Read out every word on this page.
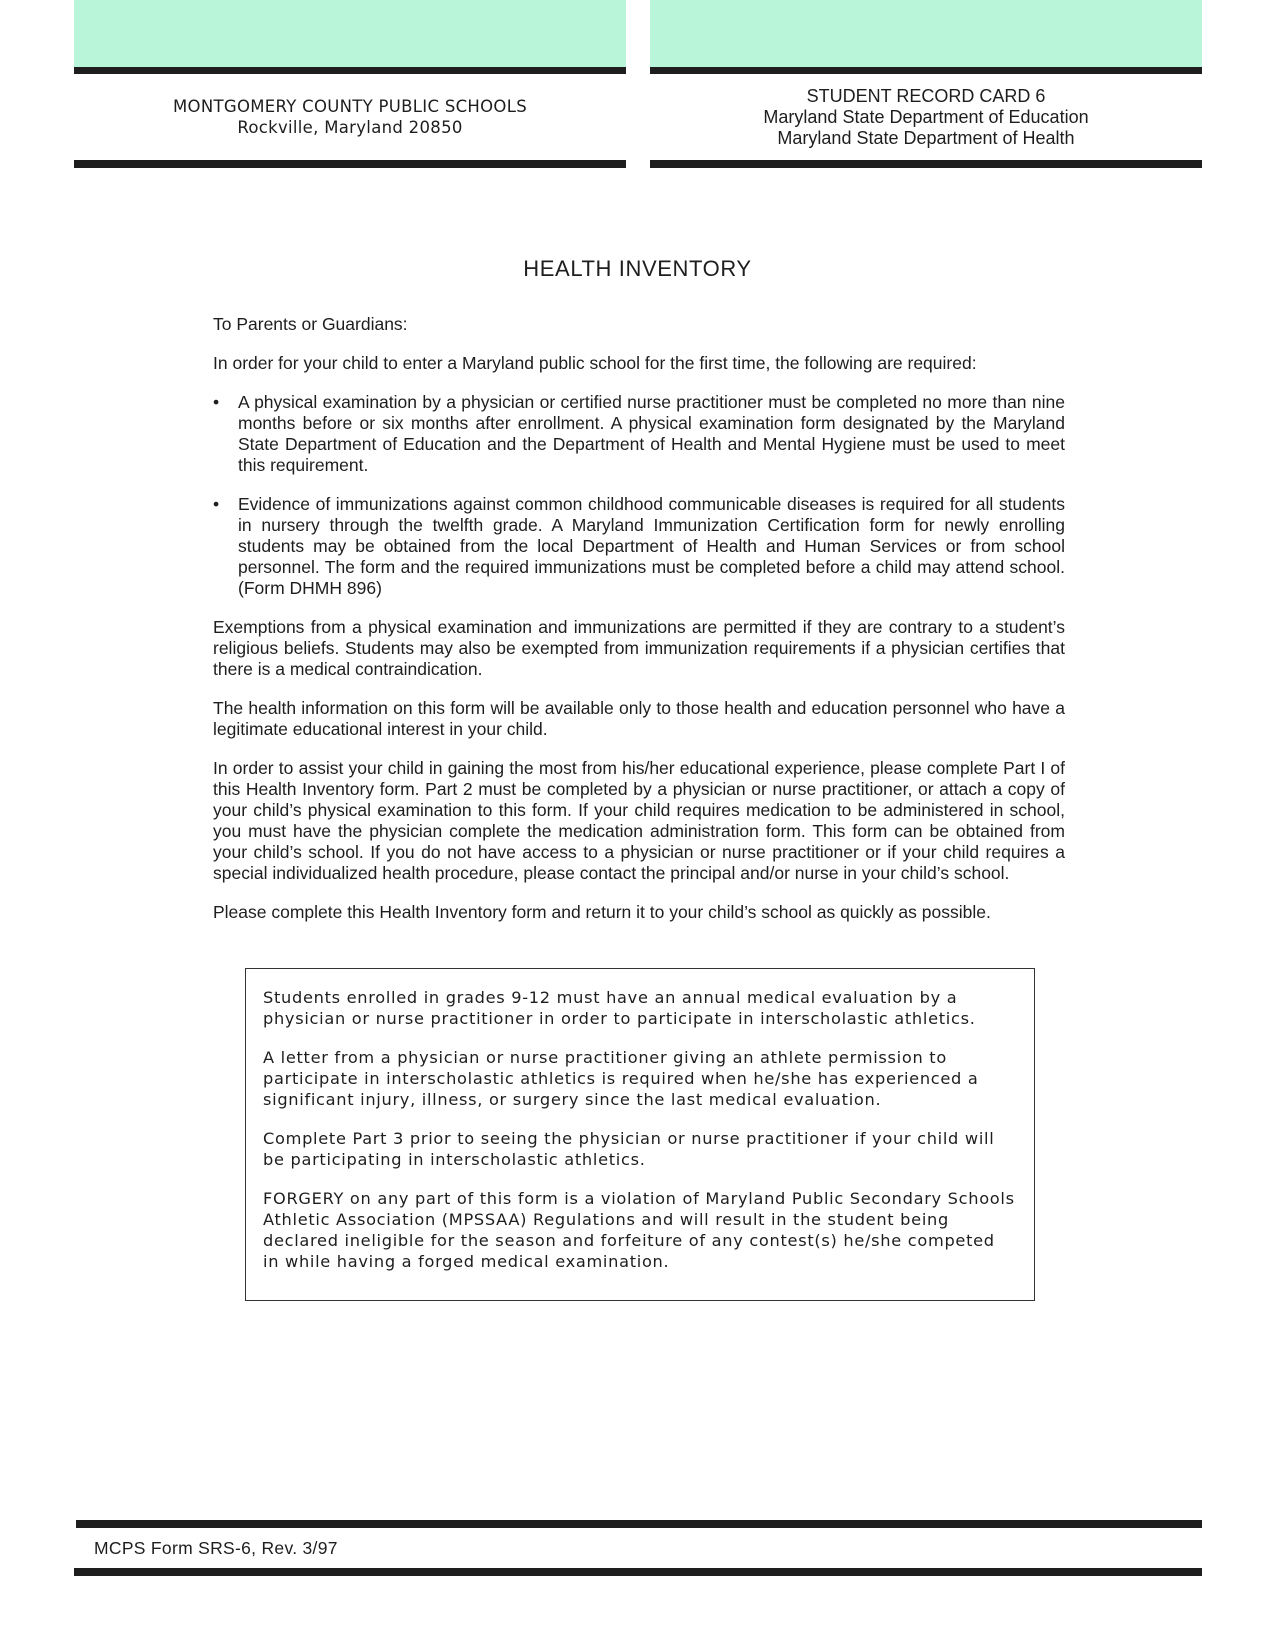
MONTGOMERY COUNTY PUBLIC SCHOOLS
Rockville, Maryland 20850
STUDENT RECORD CARD 6
Maryland State Department of Education
Maryland State Department of Health
HEALTH INVENTORY

To Parents or Guardians:

In order for your child to enter a Maryland public school for the first time, the following are required:

• A physical examination by a physician or certified nurse practitioner must be completed no more than nine months before or six months after enrollment. A physical examination form designated by the Maryland State Department of Education and the Department of Health and Mental Hygiene must be used to meet this requirement.
• Evidence of immunizations against common childhood communicable diseases is required for all students in nursery through the twelfth grade. A Maryland Immunization Certification form for newly enrolling students may be obtained from the local Department of Health and Human Services or from school personnel. The form and the required immunizations must be completed before a child may attend school. (Form DHMH 896)

Exemptions from a physical examination and immunizations are permitted if they are contrary to a student’s religious beliefs. Students may also be exempted from immunization requirements if a physician certifies that there is a medical contraindication.

The health information on this form will be available only to those health and education personnel who have a legitimate educational interest in your child.

In order to assist your child in gaining the most from his/her educational experience, please complete Part I of this Health Inventory form. Part 2 must be completed by a physician or nurse practitioner, or attach a copy of your child’s physical examination to this form. If your child requires medication to be administered in school, you must have the physician complete the medication administration form. This form can be obtained from your child’s school. If you do not have access to a physician or nurse practitioner or if your child requires a special individualized health procedure, please contact the principal and/or nurse in your child’s school.

Please complete this Health Inventory form and return it to your child’s school as quickly as possible.

Students enrolled in grades 9-12 must have an annual medical evaluation by a physician or nurse practitioner in order to participate in interscholastic athletics.

A letter from a physician or nurse practitioner giving an athlete permission to participate in interscholastic athletics is required when he/she has experienced a significant injury, illness, or surgery since the last medical evaluation.

Complete Part 3 prior to seeing the physician or nurse practitioner if your child will be participating in interscholastic athletics.

FORGERY on any part of this form is a violation of Maryland Public Secondary Schools Athletic Association (MPSSAA) Regulations and will result in the student being declared ineligible for the season and forfeiture of any contest(s) he/she competed in while having a forged medical examination.

MCPS Form SRS-6, Rev. 3/97
